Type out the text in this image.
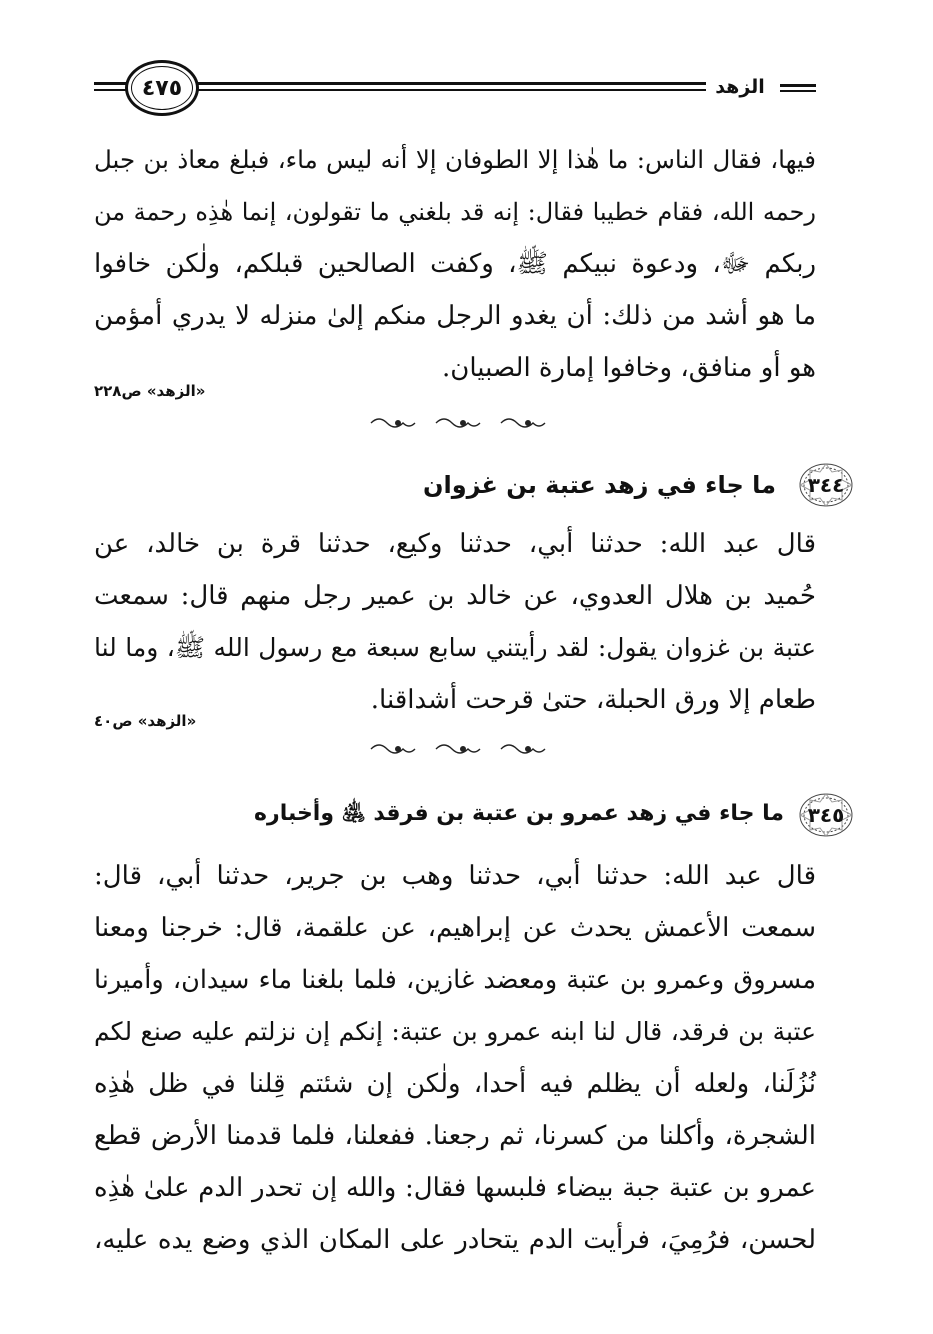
الزهد
٤٧٥
فيها، فقال الناس: ما هٰذا إلا الطوفان إلا أنه ليس ماء، فبلغ معاذ بن جبل
رحمه الله، فقام خطيبا فقال: إنه قد بلغني ما تقولون، إنما هٰذِه رحمة من
ربكم ﷻ، ودعوة نبيكم ﷺ، وكفت الصالحين قبلكم، ولٰكن خافوا
ما هو أشد من ذلك: أن يغدو الرجل منكم إلىٰ منزله لا يدري أمؤمن
هو أو منافق، وخافوا إمارة الصبيان.
«الزهد» ص٢٢٨
٣٤٤
ما جاء في زهد عتبة بن غزوان
قال عبد الله: حدثنا أبي، حدثنا وكيع، حدثنا قرة بن خالد، عن
حُميد بن هلال العدوي، عن خالد بن عمير رجل منهم قال: سمعت
عتبة بن غزوان يقول: لقد رأيتني سابع سبعة مع رسول الله ﷺ، وما لنا
طعام إلا ورق الحبلة، حتىٰ قرحت أشداقنا.
«الزهد» ص٤٠
٣٤٥
ما جاء في زهد عمرو بن عتبة بن فرقد ﵁ وأخباره
قال عبد الله: حدثنا أبي، حدثنا وهب بن جرير، حدثنا أبي، قال:
سمعت الأعمش يحدث عن إبراهيم، عن علقمة، قال: خرجنا ومعنا
مسروق وعمرو بن عتبة ومعضد غازين، فلما بلغنا ماء سيدان، وأميرنا
عتبة بن فرقد، قال لنا ابنه عمرو بن عتبة: إنكم إن نزلتم عليه صنع لكم
نُزُلَنا، ولعله أن يظلم فيه أحدا، ولٰكن إن شئتم قِلنا في ظل هٰذِه
الشجرة، وأكلنا من كسرنا، ثم رجعنا. ففعلنا، فلما قدمنا الأرض قطع
عمرو بن عتبة جبة بيضاء فلبسها فقال: والله إن تحدر الدم علىٰ هٰذِه
لحسن، فرُمِيَ، فرأيت الدم يتحادر على المكان الذي وضع يده عليه،
